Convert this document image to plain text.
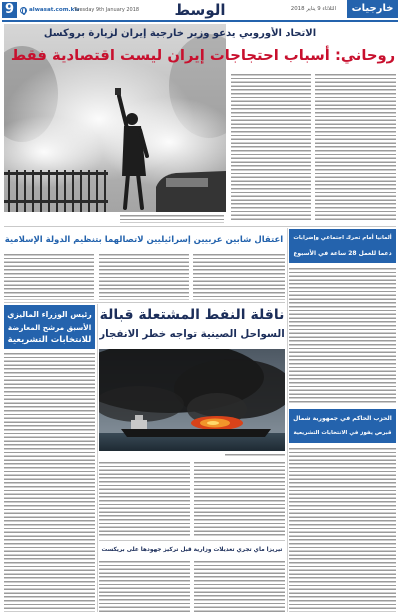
9	alwasat.com.kw
Tuesday 9th January 2018 الوسط	الثلاثاء 9 يناير 2018	خارجيات
الاتحاد الأوروبي يدعو وزير خارجية إيران لزيارة بروكسل
روحاني: أسباب احتجاجات إيران ليست اقتصادية فقط
ألمانيا أمام تحرك اجتماعي وإضرابات
دعما للعمل 28 ساعة في الأسبوع
الحزب الحاكم في جمهورية شمال
قبرص يفوز في الانتخابات التشريعية
اعتقال شابين عربيين إسرائيليين لاتصالهما بتنظيم الدولة الإسلامية
رئيس الوزراء الماليزي
الأسبق مرشح المعارضة
للانتخابات التشريعية
ناقلة النفط المشتعلة قبالة
السواحل الصينية تواجه خطر الانفجار
تيريزا ماي تجري تعديلات وزارية قبل تركيز جهودها على بريكست
